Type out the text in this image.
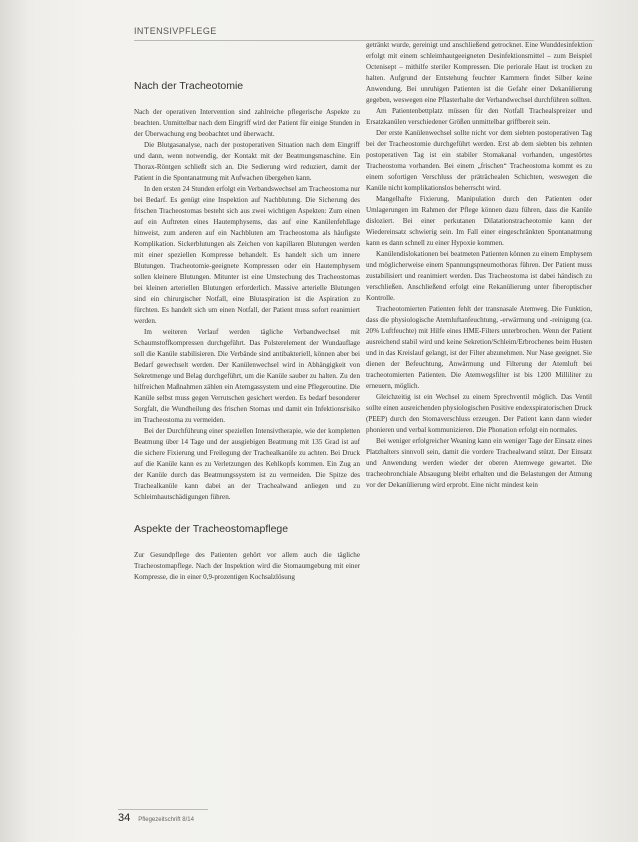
INTENSIVPFLEGE
Nach der Tracheotomie

Nach der operativen Intervention sind zahlreiche pflegerische Aspekte zu beachten. Unmittelbar nach dem Eingriff wird der Patient für einige Stunden in der Überwachung eng beobachtet und überwacht.

Die Blutgasanalyse, nach der postoperativen Situation nach dem Eingriff und dann, wenn notwendig, der Kontakt mit der Beatmungsmaschine. Ein Thorax-Röntgen schließt sich an. Die Sedierung wird reduziert, damit der Patient in die Spontanatmung mit Aufwachen übergehen kann.

In den ersten 24 Stunden erfolgt ein Verbandswechsel am Tracheostoma nur bei Bedarf. Es genügt eine Inspektion auf Nachblutung. Die Sicherung des frischen Tracheostomas besteht sich aus zwei wichtigen Aspekten: Zum einen auf ein Auftreten eines Hautemphysems, das auf eine Kanülenfehllage hinweist, zum anderen auf ein Nachbluten am Tracheostoma als häufigste Komplikation. Sickerblutungen als Zeichen von kapillaren Blutungen werden mit einer speziellen Kompresse behandelt. Es handelt sich um innere Blutungen. Tracheotomie-geeignete Kompressen oder ein Hautemphysem sollen kleinere Blutungen. Mitunter ist eine Umstechung des Tracheostomas bei kleinen arteriellen Blutungen erforderlich. Massive arterielle Blutungen sind ein chirurgischer Notfall, eine Blutaspiration ist die Aspiration zu fürchten. Es handelt sich um einen Notfall, der Patient muss sofort reanimiert werden.

Im weiteren Verlauf werden tägliche Verbandwechsel mit Schaumstoffkompressen durchgeführt. Das Polsterelement der Wundauflage soll die Kanüle stabilisieren. Die Verbände sind antibakteriell, können aber bei Bedarf gewechselt werden. Der Kanülenwechsel wird in Abhängigkeit von Sekretmenge und Belag durchgeführt, um die Kanüle sauber zu halten. Zu den hilfreichen Maßnahmen zählen ein Atemgassystem und eine Pflegeroutine. Die Kanüle selbst muss gegen Verrutschen gesichert werden. Es bedarf besonderer Sorgfalt, die Wundheilung des frischen Stomas und damit ein Infektionsrisiko im Tracheostoma zu vermeiden.

Bei der Durchführung einer speziellen Intensivtherapie, wie der kompletten Beatmung über 14 Tage und der ausgiebigen Beatmung mit 135 Grad ist auf die sichere Fixierung und Freilegung der Trachealkanüle zu achten. Bei Druck auf die Kanüle kann es zu Verletzungen des Kehlkopfs kommen. Ein Zug an der Kanüle durch das Beatmungssystem ist zu vermeiden. Die Spitze des Trachealkanüle kann dabei an der Trachealwand anliegen und zu Schleimhautschädigungen führen.

Aspekte der Tracheostomapflege

Zur Gesundpflege des Patienten gehört vor allem auch die tägliche Tracheostomapflege. Nach der Inspektion wird die Stomaumgebung mit einer Kompresse, die in einer 0,9-prozentigen Kochsalzlösung

getränkt wurde, gereinigt und anschließend getrocknet. Eine Wunddesinfektion erfolgt mit einem schleimhautgeeigneten Desinfektionsmittel – zum Beispiel Octenisept – mithilfe steriler Kompressen. Die periorale Haut ist trocken zu halten. Aufgrund der Entstehung feuchter Kammern findet Silber keine Anwendung. Bei unruhigen Patienten ist die Gefahr einer Dekanülierung gegeben, weswegen eine Pflasterhalte der Verbandwechsel durchführen sollten.

Am Patientenbettplatz müssen für den Notfall Trachealspreizer und Ersatzkanülen verschiedener Größen unmittelbar griffbereit sein.

Der erste Kanülenwechsel sollte nicht vor dem siebten postoperativen Tag bei der Tracheostomie durchgeführt werden. Erst ab dem siebten bis zehnten postoperativen Tag ist ein stabiler Stomakanal vorhanden, ungestörtes Tracheostoma vorhanden. Bei einem „frischen“ Tracheostoma kommt es zu einem sofortigen Verschluss der präträchealen Schichten, weswegen die Kanüle nicht komplikationslos beherrscht wird.

Mangelhafte Fixierung, Manipulation durch den Patienten oder Umlagerungen im Rahmen der Pflege können dazu führen, dass die Kanüle disloziert. Bei einer perkutanen Dilatationstracheotomie kann der Wiedereinsatz schwierig sein. Im Fall einer eingeschränkten Spontanatmung kann es dann schnell zu einer Hypoxie kommen.

Kanülendislokationen bei beatmeten Patienten können zu einem Emphysem und möglicherweise einem Spannungspneumothorax führen. Der Patient muss zustabilisiert und reanimiert werden. Das Tracheostoma ist dabei händisch zu verschließen. Anschließend erfolgt eine Rekanülierung unter fiberoptischer Kontrolle.

Tracheotomierten Patienten fehlt der transnasale Atemweg. Die Funktion, dass die physiologische Atemluftanfeuchtung, -erwärmung und -reinigung (ca. 20% Luftfeuchte) mit Hilfe eines HME-Filters unterbrochen. Wenn der Patient ausreichend stabil wird und keine Sekretion/Schleim/Erbrochenes beim Husten und in das Kreislauf gelangt, ist der Filter abzunehmen. Nur Nase geeignet. Sie dienen der Befeuchtung, Anwärmung und Filterung der Atemluft bei tracheotomierten Patienten. Die Atemwegsfilter ist bis 1200 Milliliter zu erneuern, möglich.

Gleichzeitig ist ein Wechsel zu einem Sprechventil möglich. Das Ventil sollte einen ausreichenden physiologischen Positive endexspiratorischen Druck (PEEP) durch den Stomaverschluss erzeugen. Der Patient kann dann wieder phonieren und verbal kommunizieren. Die Phonation erfolgt ein normales.

Bei weniger erfolgreicher Weaning kann ein weniger Tage der Einsatz eines Platzhalters sinnvoll sein, damit die vordere Trachealwand stützt. Der Einsatz und Anwendung werden wieder der oberen Atemwege gewartet. Die tracheobronchiale Absaugung bleibt erhalten und die Belastungen der Atmung vor der Dekanülierung wird erprobt. Eine nicht mindest kein

34 Pflegezeitschrift 8/14
